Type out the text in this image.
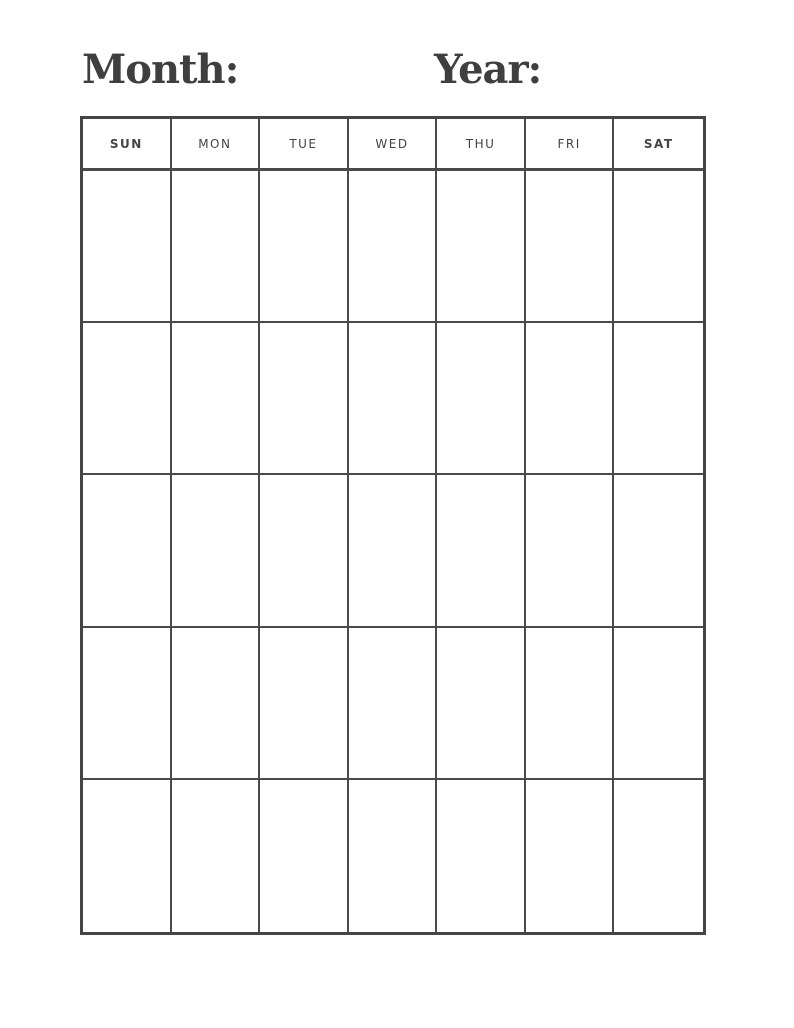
Month:	Year:
SUN	MON	TUE	WED	THU	FRI	SAT
